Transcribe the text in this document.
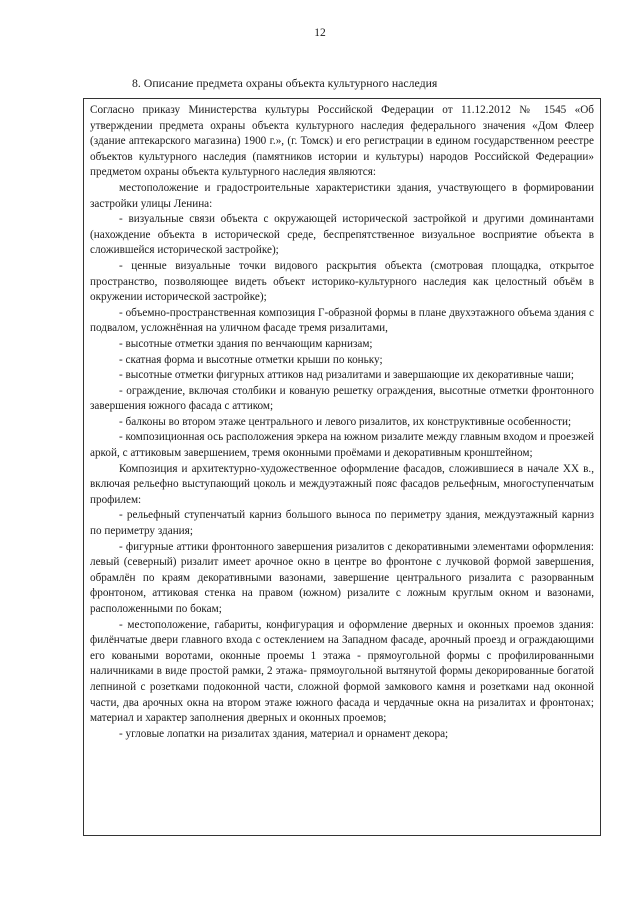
12
8. Описание предмета охраны объекта культурного наследия

Согласно приказу Министерства культуры Российской Федерации от 11.12.2012 № 1545 «Об утверждении предмета охраны объекта культурного наследия федерального значения «Дом Флеер (здание аптекарского магазина) 1900 г.», (г. Томск) и его регистрации в едином государственном реестре объектов культурного наследия (памятников истории и культуры) народов Российской Федерации» предметом охраны объекта культурного наследия являются:

местоположение и градостроительные характеристики здания, участвующего в формировании застройки улицы Ленина:

- визуальные связи объекта с окружающей исторической застройкой и другими доминантами (нахождение объекта в исторической среде, беспрепятственное визуальное восприятие объекта в сложившейся исторической застройке);

- ценные визуальные точки видового раскрытия объекта (смотровая площадка, открытое пространство, позволяющее видеть объект историко-культурного наследия как целостный объём в окружении исторической застройке);

- объемно-пространственная композиция Г-образной формы в плане двухэтажного объема здания с подвалом, усложнённая на уличном фасаде тремя ризалитами,

- высотные отметки здания по венчающим карнизам;

- скатная форма и высотные отметки крыши по коньку;

- высотные отметки фигурных аттиков над ризалитами и завершающие их декоративные чаши;

- ограждение, включая столбики и кованую решетку ограждения, высотные отметки фронтонного завершения южного фасада с аттиком;

- балконы во втором этаже центрального и левого ризалитов, их конструктивные особенности;

- композиционная ось расположения эркера на южном ризалите между главным входом и проезжей аркой, с аттиковым завершением, тремя оконными проёмами и декоративным кронштейном;

Композиция и архитектурно-художественное оформление фасадов, сложившиеся в начале XX в., включая рельефно выступающий цоколь и междуэтажный пояс фасадов рельефным, многоступенчатым профилем:

- рельефный ступенчатый карниз большого выноса по периметру здания, междуэтажный карниз по периметру здания;

- фигурные аттики фронтонного завершения ризалитов с декоративными элементами оформления: левый (северный) ризалит имеет арочное окно в центре во фронтоне с лучковой формой завершения, обрамлён по краям декоративными вазонами, завершение центрального ризалита с разорванным фронтоном, аттиковая стенка на правом (южном) ризалите с ложным круглым окном и вазонами, расположенными по бокам;

- местоположение, габариты, конфигурация и оформление дверных и оконных проемов здания: филёнчатые двери главного входа с остеклением на Западном фасаде, арочный проезд и ограждающими его коваными воротами, оконные проемы 1 этажа - прямоугольной формы с профилированными наличниками в виде простой рамки, 2 этажа- прямоугольной вытянутой формы декорированные богатой лепниной с розетками подоконной части, сложной формой замкового камня и розетками над оконной части, два арочных окна на втором этаже южного фасада и чердачные окна на ризалитах и фронтонах; материал и характер заполнения дверных и оконных проемов;

- угловые лопатки на ризалитах здания, материал и орнамент декора;
